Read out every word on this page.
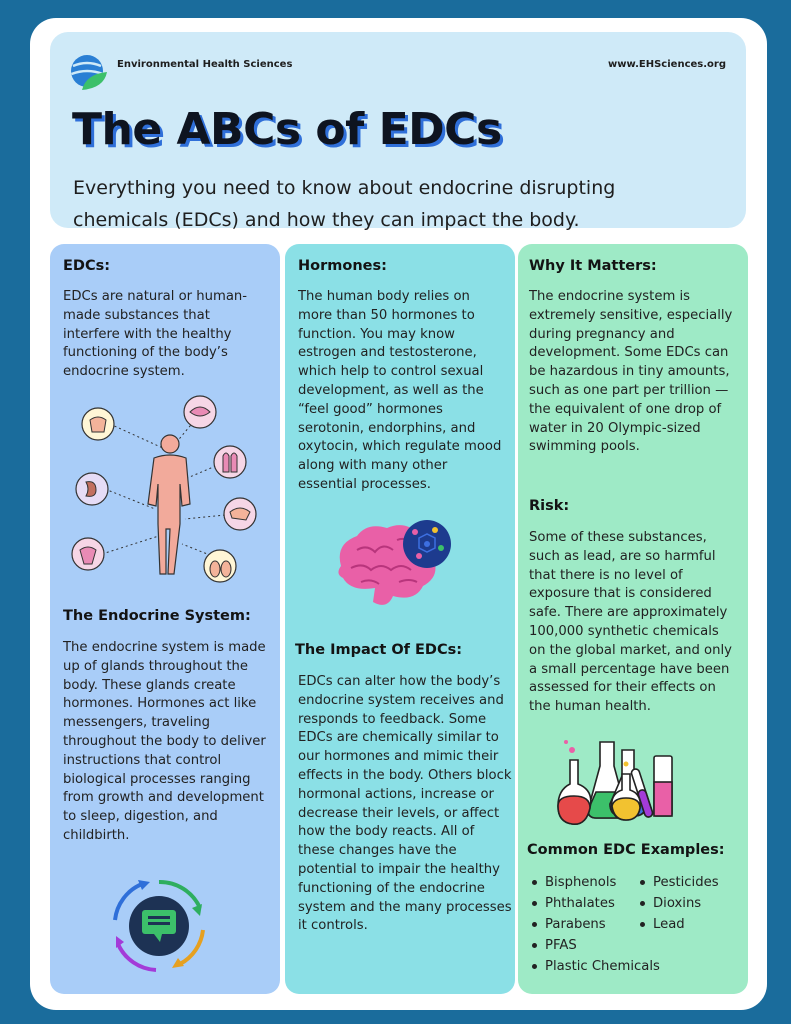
Environmental Health Sciences	www.EHSciences.org
The ABCs of EDCs
Everything you need to know about endocrine disrupting chemicals (EDCs) and how they can impact the body.
EDCs:
EDCs are natural or human-made substances that interfere with the healthy functioning of the body’s endocrine system.
The Endocrine System:
The endocrine system is made up of glands throughout the body. These glands create hormones. Hormones act like messengers, traveling throughout the body to deliver instructions that control biological processes ranging from growth and development to sleep, digestion, and childbirth.
Hormones:
The human body relies on more than 50 hormones to function. You may know estrogen and testosterone, which help to control sexual development, as well as the “feel good” hormones serotonin, endorphins, and oxytocin, which regulate mood along with many other essential processes.
The Impact Of EDCs:
EDCs can alter how the body’s endocrine system receives and responds to feedback. Some EDCs are chemically similar to our hormones and mimic their effects in the body. Others block hormonal actions, increase or decrease their levels, or affect how the body reacts. All of these changes have the potential to impair the healthy functioning of the endocrine system and the many processes it controls.
Why It Matters:
The endocrine system is extremely sensitive, especially during pregnancy and development. Some EDCs can be hazardous in tiny amounts, such as one part per trillion — the equivalent of one drop of water in 20 Olympic-sized swimming pools.
Risk:
Some of these substances, such as lead, are so harmful that there is no level of exposure that is considered safe. There are approximately 100,000 synthetic chemicals on the global market, and only a small percentage have been assessed for their effects on the human health.
Common EDC Examples:
Bisphenols
Phthalates
Parabens
PFAS
Plastic Chemicals
Pesticides
Dioxins
Lead
